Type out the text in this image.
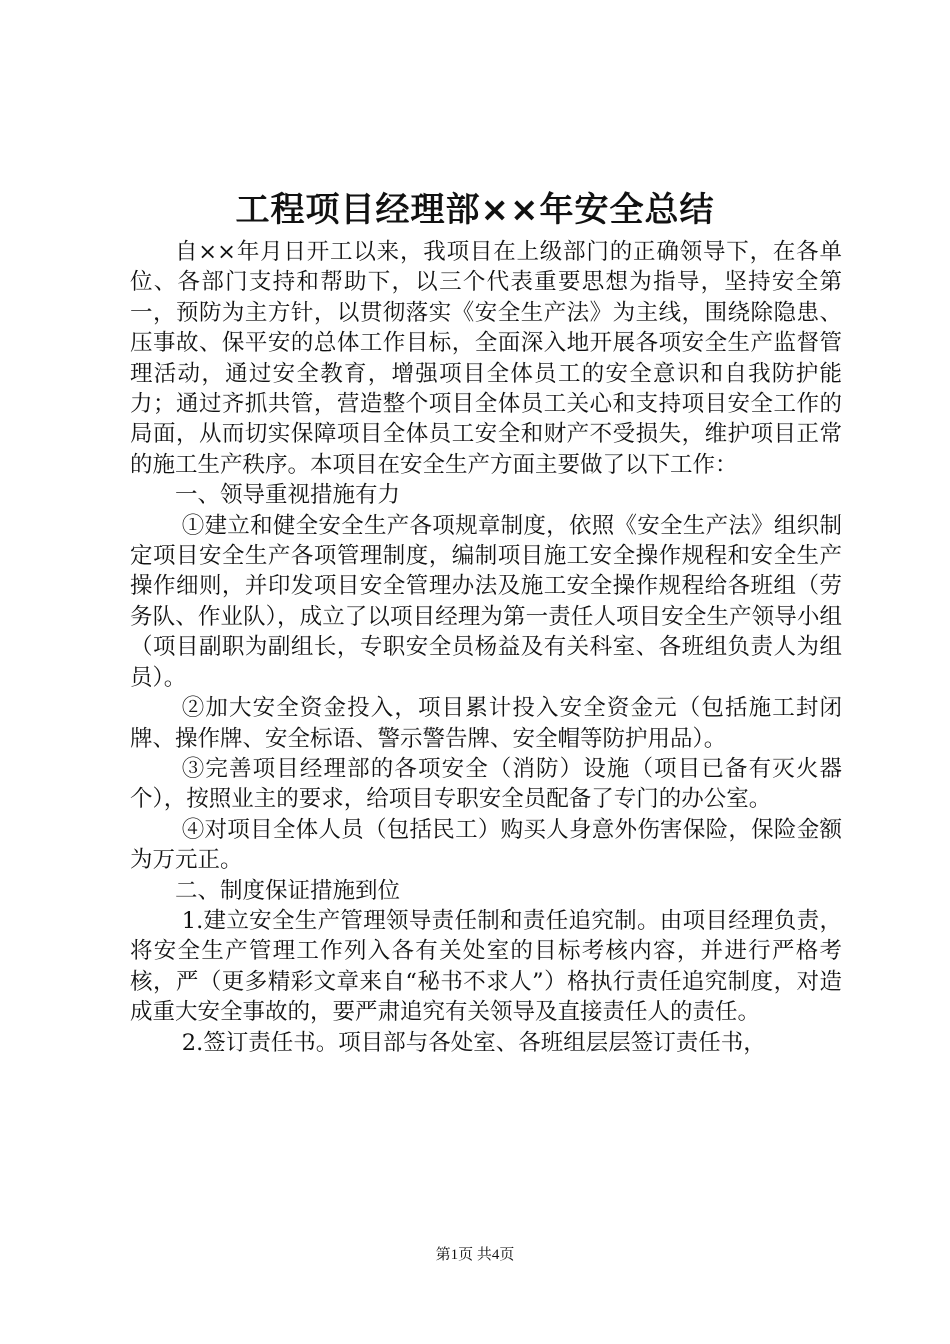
工程项目经理部××年安全总结

自××年月日开工以来，我项目在上级部门的正确领导下，在各单位、各部门支持和帮助下，以三个代表重要思想为指导，坚持安全第一，预防为主方针，以贯彻落实《安全生产法》为主线，围绕除隐患、压事故、保平安的总体工作目标，全面深入地开展各项安全生产监督管理活动，通过安全教育，增强项目全体员工的安全意识和自我防护能力；通过齐抓共管，营造整个项目全体员工关心和支持项目安全工作的局面，从而切实保障项目全体员工安全和财产不受损失，维护项目正常的施工生产秩序。本项目在安全生产方面主要做了以下工作：

一、领导重视措施有力

①建立和健全安全生产各项规章制度，依照《安全生产法》组织制定项目安全生产各项管理制度，编制项目施工安全操作规程和安全生产操作细则，并印发项目安全管理办法及施工安全操作规程给各班组（劳务队、作业队），成立了以项目经理为第一责任人项目安全生产领导小组（项目副职为副组长，专职安全员杨益及有关科室、各班组负责人为组员）。

②加大安全资金投入，项目累计投入安全资金元（包括施工封闭牌、操作牌、安全标语、警示警告牌、安全帽等防护用品）。

③完善项目经理部的各项安全（消防）设施（项目已备有灭火器个），按照业主的要求，给项目专职安全员配备了专门的办公室。

④对项目全体人员（包括民工）购买人身意外伤害保险，保险金额为万元正。

二、制度保证措施到位

1.建立安全生产管理领导责任制和责任追究制。由项目经理负责，将安全生产管理工作列入各有关处室的目标考核内容，并进行严格考核，严（更多精彩文章来自“秘书不求人”）格执行责任追究制度，对造成重大安全事故的，要严肃追究有关领导及直接责任人的责任。

2.签订责任书。项目部与各处室、各班组层层签订责任书，

第1页 共4页
